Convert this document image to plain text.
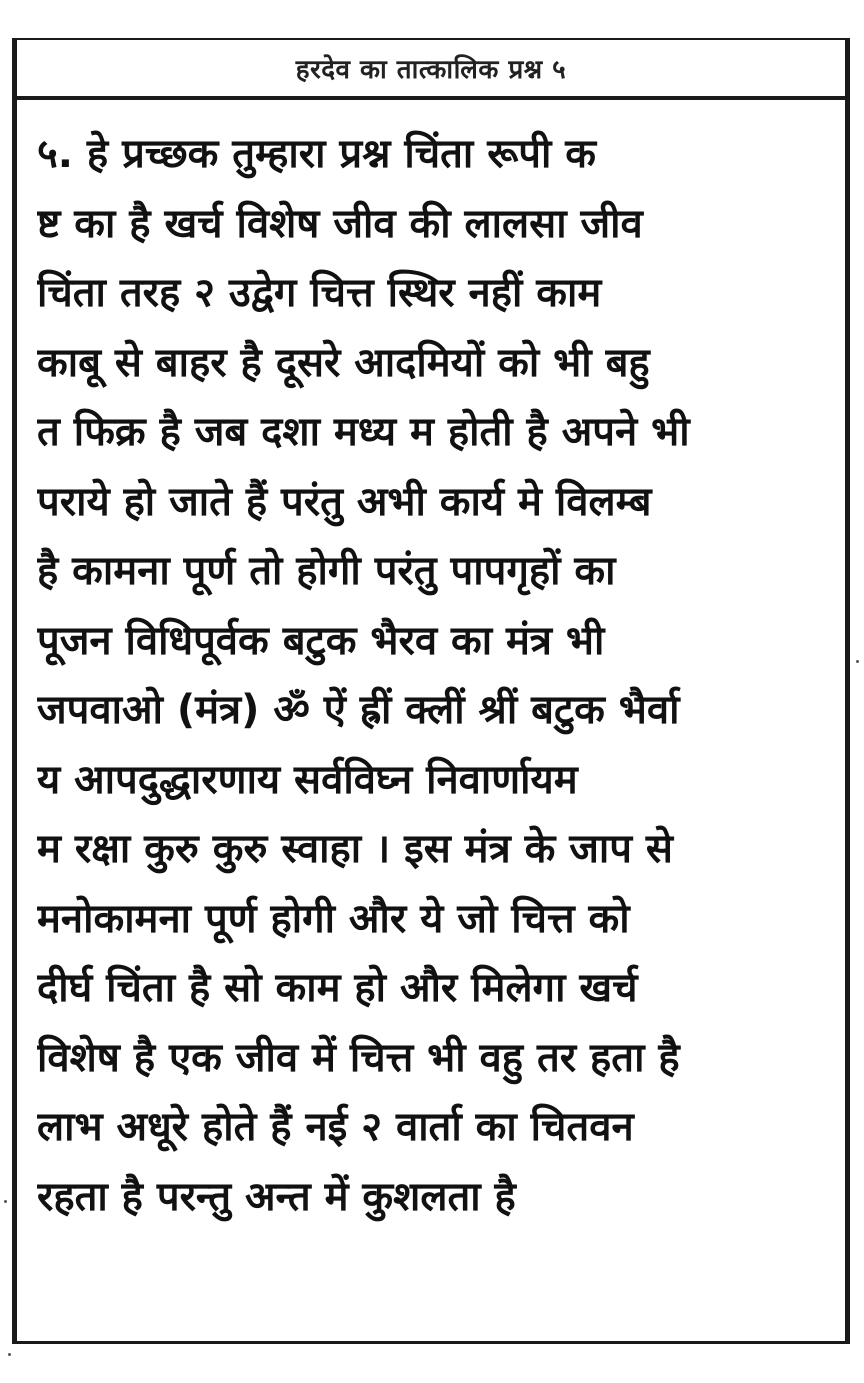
हरदेव का तात्कालिक प्रश्न ५
५. हे प्रच्छक तुम्हारा प्रश्न चिंता रूपी क
ष्ट का है खर्च विशेष जीव की लालसा जीव
चिंता तरह २ उद्वेग चित्त स्थिर नहीं काम
काबू से बाहर है दूसरे आदमियों को भी बहु
त फिक्र है जब दशा मध्य म होती है अपने भी
पराये हो जाते हैं परंतु अभी कार्य मे विलम्ब
है कामना पूर्ण तो होगी परंतु पापगृहों का
पूजन विधिपूर्वक बटुक भैरव का मंत्र भी
जपवाओ (मंत्र) ॐ ऐं ह्रीं क्लीं श्रीं बटुक भैर्वा
य आपदुद्धारणाय सर्वविघ्न निवार्णायम
म रक्षा कुरु कुरु स्वाहा । इस मंत्र के जाप से
मनोकामना पूर्ण होगी और ये जो चित्त को
दीर्घ चिंता है सो काम हो और मिलेगा खर्च
विशेष है एक जीव में चित्त भी वहु तर हता है
लाभ अधूरे होते हैं नई २ वार्ता का चितवन
रहता है परन्तु अन्त में कुशलता है
